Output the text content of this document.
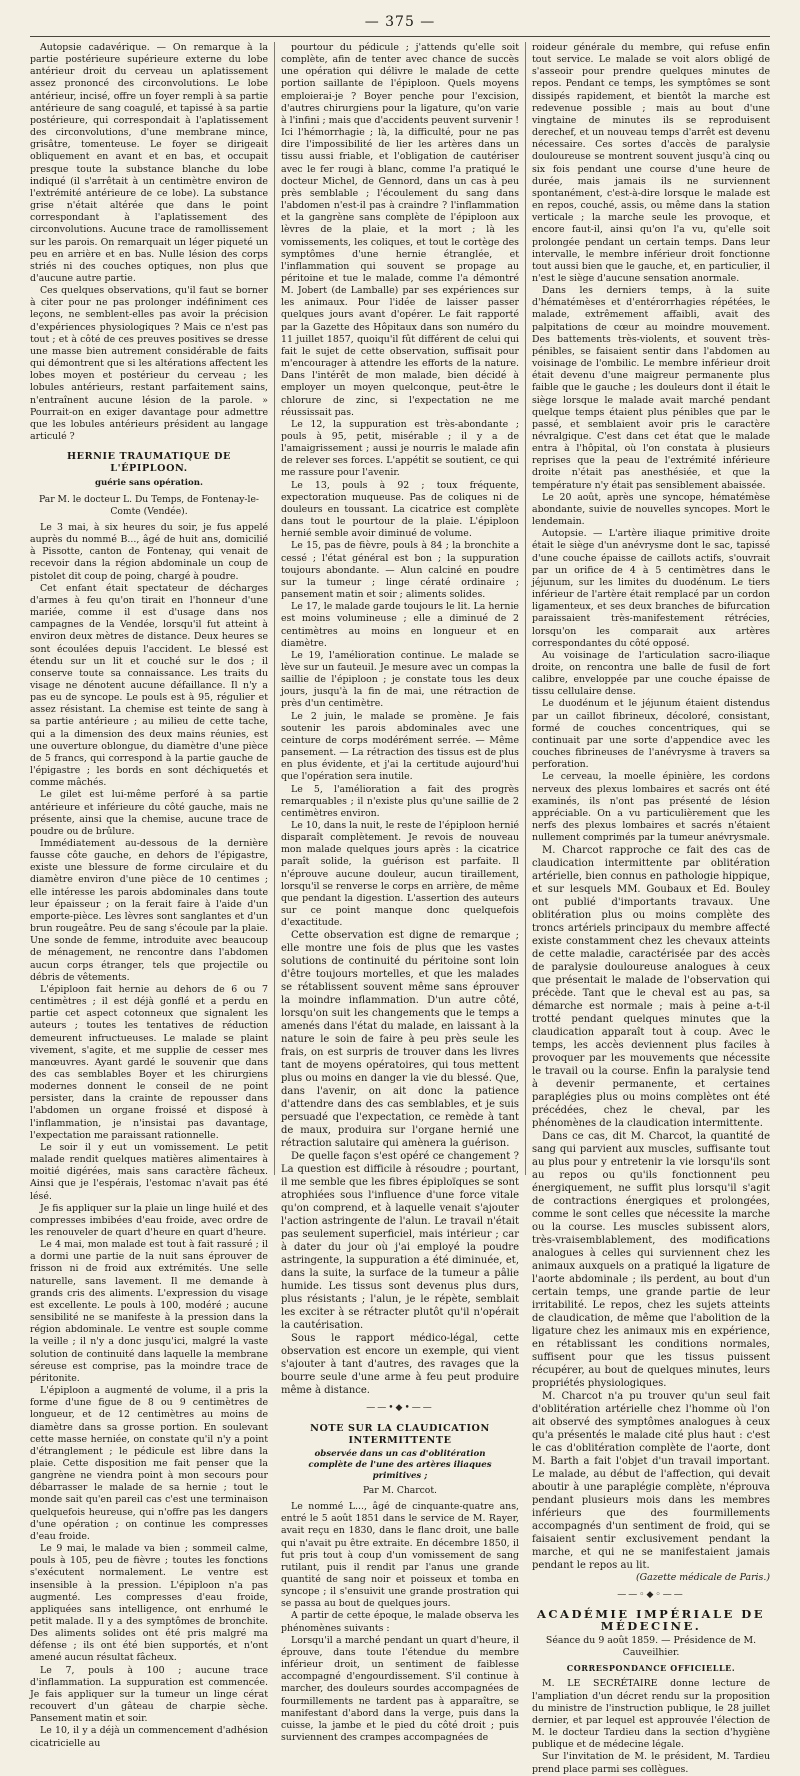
— 375 —

Autopsie cadavérique. — On remarque à la partie postérieure supérieure externe du lobe antérieur droit du cerveau un aplatissement assez prononcé des circonvolutions. Le lobe antérieur, incisé, offre un foyer rempli à sa partie antérieure de sang coagulé, et tapissé à sa partie postérieure, qui correspondait à l'aplatissement des circonvolutions, d'une membrane mince, grisâtre, tomenteuse. Le foyer se dirigeait obliquement en avant et en bas, et occupait presque toute la substance blanche du lobe indiqué (il s'arrêtait à un centimètre environ de l'extrémité antérieure de ce lobe). La substance grise n'était altérée que dans le point correspondant à l'aplatissement des circonvolutions. Aucune trace de ramollissement sur les parois. On remarquait un léger piqueté un peu en arrière et en bas. Nulle lésion des corps striés ni des couches optiques, non plus que d'aucune autre partie.

Ces quelques observations, qu'il faut se borner à citer pour ne pas prolonger indéfiniment ces leçons, ne semblent-elles pas avoir la précision d'expériences physiologiques ? Mais ce n'est pas tout ; et à côté de ces preuves positives se dresse une masse bien autrement considérable de faits qui démontrent que si les altérations affectent les lobes moyen et postérieur du cerveau ; les lobules antérieurs, restant parfaitement sains, n'entraînent aucune lésion de la parole. » Pourrait-on en exiger davantage pour admettre que les lobules antérieurs président au langage articulé ?

HERNIE TRAUMATIQUE DE L'ÉPIPLOON.
guérie sans opération.
Par M. le docteur L. Du Temps, de Fontenay-le-Comte (Vendée).

Le 3 mai, à six heures du soir, je fus appelé auprès du nommé B..., âgé de huit ans, domicilié à Pissotte, canton de Fontenay, qui venait de recevoir dans la région abdominale un coup de pistolet dit coup de poing, chargé à poudre.

Cet enfant était spectateur de décharges d'armes à feu qu'on tirait en l'honneur d'une mariée, comme il est d'usage dans nos campagnes de la Vendée, lorsqu'il fut atteint à environ deux mètres de distance. Deux heures se sont écoulées depuis l'accident. Le blessé est étendu sur un lit et couché sur le dos ; il conserve toute sa connaissance. Les traits du visage ne dénotent aucune défaillance. Il n'y a pas eu de syncope. Le pouls est à 95, régulier et assez résistant. La chemise est teinte de sang à sa partie antérieure ; au milieu de cette tache, qui a la dimension des deux mains réunies, est une ouverture oblongue, du diamètre d'une pièce de 5 francs, qui correspond à la partie gauche de l'épigastre ; les bords en sont déchiquetés et comme mâchés.

Le gilet est lui-même perforé à sa partie antérieure et inférieure du côté gauche, mais ne présente, ainsi que la chemise, aucune trace de poudre ou de brûlure.

Immédiatement au-dessous de la dernière fausse côte gauche, en dehors de l'épigastre, existe une blessure de forme circulaire et du diamètre environ d'une pièce de 10 centimes ; elle intéresse les parois abdominales dans toute leur épaisseur ; on la ferait faire à l'aide d'un emporte-pièce. Les lèvres sont sanglantes et d'un brun rougeâtre. Peu de sang s'écoule par la plaie. Une sonde de femme, introduite avec beaucoup de ménagement, ne rencontre dans l'abdomen aucun corps étranger, tels que projectile ou débris de vêtements.

L'épiploon fait hernie au dehors de 6 ou 7 centimètres ; il est déjà gonflé et a perdu en partie cet aspect cotonneux que signalent les auteurs ; toutes les tentatives de réduction demeurent infructueuses. Le malade se plaint vivement, s'agite, et me supplie de cesser mes manœuvres. Ayant gardé le souvenir que dans des cas semblables Boyer et les chirurgiens modernes donnent le conseil de ne point persister, dans la crainte de repousser dans l'abdomen un organe froissé et disposé à l'inflammation, je n'insistai pas davantage, l'expectation me paraissant rationnelle.

Le soir il y eut un vomissement. Le petit malade rendit quelques matières alimentaires à moitié digérées, mais sans caractère fâcheux. Ainsi que je l'espérais, l'estomac n'avait pas été lésé.

Je fis appliquer sur la plaie un linge huilé et des compresses imbibées d'eau froide, avec ordre de les renouveler de quart d'heure en quart d'heure.

Le 4 mai, mon malade est tout à fait rassuré ; il a dormi une partie de la nuit sans éprouver de frisson ni de froid aux extrémités. Une selle naturelle, sans lavement. Il me demande à grands cris des aliments. L'expression du visage est excellente. Le pouls à 100, modéré ; aucune sensibilité ne se manifeste à la pression dans la région abdominale. Le ventre est souple comme la veille ; il n'y a donc jusqu'ici, malgré la vaste solution de continuité dans laquelle la membrane séreuse est comprise, pas la moindre trace de péritonite.

L'épiploon a augmenté de volume, il a pris la forme d'une figue de 8 ou 9 centimètres de longueur, et de 12 centimètres au moins de diamètre dans sa grosse portion. En soulevant cette masse herniée, on constate qu'il n'y a point d'étranglement ; le pédicule est libre dans la plaie. Cette disposition me fait penser que la gangrène ne viendra point à mon secours pour débarrasser le malade de sa hernie ; tout le monde sait qu'en pareil cas c'est une terminaison quelquefois heureuse, qui n'offre pas les dangers d'une opération ; on continue les compresses d'eau froide.

Le 9 mai, le malade va bien ; sommeil calme, pouls à 105, peu de fièvre ; toutes les fonctions s'exécutent normalement. Le ventre est insensible à la pression. L'épiploon n'a pas augmenté. Les compresses d'eau froide, appliquées sans intelligence, ont enrhumé le petit malade. Il y a des symptômes de bronchite. Des aliments solides ont été pris malgré ma défense ; ils ont été bien supportés, et n'ont amené aucun résultat fâcheux.

Le 7, pouls à 100 ; aucune trace d'inflammation. La suppuration est commencée. Je fais appliquer sur la tumeur un linge cérat recouvert d'un gâteau de charpie sèche. Pansement matin et soir.

Le 10, il y a déjà un commencement d'adhésion cicatricielle au

pourtour du pédicule ; j'attends qu'elle soit complète, afin de tenter avec chance de succès une opération qui délivre le malade de cette portion saillante de l'épiploon. Quels moyens emploierai-je ? Boyer penche pour l'excision, d'autres chirurgiens pour la ligature, qu'on varie à l'infini ; mais que d'accidents peuvent survenir ! Ici l'hémorrhagie ; là, la difficulté, pour ne pas dire l'impossibilité de lier les artères dans un tissu aussi friable, et l'obligation de cautériser avec le fer rougi à blanc, comme l'a pratiqué le docteur Michel, de Gennord, dans un cas à peu près semblable ; l'écoulement du sang dans l'abdomen n'est-il pas à craindre ? l'inflammation et la gangrène sans complète de l'épiploon aux lèvres de la plaie, et la mort ; là les vomissements, les coliques, et tout le cortège des symptômes d'une hernie étranglée, et l'inflammation qui souvent se propage au péritoine et tue le malade, comme l'a démontré M. Jobert (de Lamballe) par ses expériences sur les animaux. Pour l'idée de laisser passer quelques jours avant d'opérer. Le fait rapporté par la Gazette des Hôpitaux dans son numéro du 11 juillet 1857, quoiqu'il fût différent de celui qui fait le sujet de cette observation, suffisait pour m'encourager à attendre les efforts de la nature. Dans l'intérêt de mon malade, bien décidé à employer un moyen quelconque, peut-être le chlorure de zinc, si l'expectation ne me réussissait pas.

Le 12, la suppuration est très-abondante ; pouls à 95, petit, misérable ; il y a de l'amaigrissement ; aussi je nourris le malade afin de relever ses forces. L'appétit se soutient, ce qui me rassure pour l'avenir.

Le 13, pouls à 92 ; toux fréquente, expectoration muqueuse. Pas de coliques ni de douleurs en toussant. La cicatrice est complète dans tout le pourtour de la plaie. L'épiploon hernié semble avoir diminué de volume.

Le 15, pas de fièvre, pouls à 84 ; la bronchite a cessé ; l'état général est bon ; la suppuration toujours abondante. — Alun calciné en poudre sur la tumeur ; linge cératé ordinaire ; pansement matin et soir ; aliments solides.

Le 17, le malade garde toujours le lit. La hernie est moins volumineuse ; elle a diminué de 2 centimètres au moins en longueur et en diamètre.

Le 19, l'amélioration continue. Le malade se lève sur un fauteuil. Je mesure avec un compas la saillie de l'épiploon ; je constate tous les deux jours, jusqu'à la fin de mai, une rétraction de près d'un centimètre.

Le 2 juin, le malade se promène. Je fais soutenir les parois abdominales avec une ceinture de corps modérément serrée. — Même pansement. — La rétraction des tissus est de plus en plus évidente, et j'ai la certitude aujourd'hui que l'opération sera inutile.

Le 5, l'amélioration a fait des progrès remarquables ; il n'existe plus qu'une saillie de 2 centimètres environ.

Le 10, dans la nuit, le reste de l'épiploon hernié disparaît complètement. Je revois de nouveau mon malade quelques jours après : la cicatrice paraît solide, la guérison est parfaite. Il n'éprouve aucune douleur, aucun tiraillement, lorsqu'il se renverse le corps en arrière, de même que pendant la digestion. L'assertion des auteurs sur ce point manque donc quelquefois d'exactitude.

Cette observation est digne de remarque ; elle montre une fois de plus que les vastes solutions de continuité du péritoine sont loin d'être toujours mortelles, et que les malades se rétablissent souvent même sans éprouver la moindre inflammation. D'un autre côté, lorsqu'on suit les changements que le temps a amenés dans l'état du malade, en laissant à la nature le soin de faire à peu près seule les frais, on est surpris de trouver dans les livres tant de moyens opératoires, qui tous mettent plus ou moins en danger la vie du blessé. Que, dans l'avenir, on ait donc la patience d'attendre dans des cas semblables, et je suis persuadé que l'expectation, ce remède à tant de maux, produira sur l'organe hernié une rétraction salutaire qui amènera la guérison.

De quelle façon s'est opéré ce changement ? La question est difficile à résoudre ; pourtant, il me semble que les fibres épiploïques se sont atrophiées sous l'influence d'une force vitale qu'on comprend, et à laquelle venait s'ajouter l'action astringente de l'alun. Le travail n'était pas seulement superficiel, mais intérieur ; car à dater du jour où j'ai employé la poudre astringente, la suppuration a été diminuée, et, dans la suite, la surface de la tumeur a pâlie humide. Les tissus sont devenus plus durs, plus résistants ; l'alun, je le répète, semblait les exciter à se rétracter plutôt qu'il n'opérait la cautérisation.

Sous le rapport médico-légal, cette observation est encore un exemple, qui vient s'ajouter à tant d'autres, des ravages que la bourre seule d'une arme à feu peut produire même à distance.

——•◆•——
NOTE SUR LA CLAUDICATION INTERMITTENTE
observée dans un cas d'oblitération complète de l'une des artères iliaques primitives ;
Par M. Charcot.

Le nommé L..., âgé de cinquante-quatre ans, entré le 5 août 1851 dans le service de M. Rayer, avait reçu en 1830, dans le flanc droit, une balle qui n'avait pu être extraite. En décembre 1850, il fut pris tout à coup d'un vomissement de sang rutilant, puis il rendit par l'anus une grande quantité de sang noir et poisseux et tomba en syncope ; il s'ensuivit une grande prostration qui se passa au bout de quelques jours.

A partir de cette époque, le malade observa les phénomènes suivants :

Lorsqu'il a marché pendant un quart d'heure, il éprouve, dans toute l'étendue du membre inférieur droit, un sentiment de faiblesse accompagné d'engourdissement. S'il continue à marcher, des douleurs sourdes accompagnées de fourmillements ne tardent pas à apparaître, se manifestant d'abord dans la verge, puis dans la cuisse, la jambe et le pied du côté droit ; puis surviennent des crampes accompagnées de

roideur générale du membre, qui refuse enfin tout service. Le malade se voit alors obligé de s'asseoir pour prendre quelques minutes de repos. Pendant ce temps, les symptômes se sont dissipés rapidement, et bientôt la marche est redevenue possible ; mais au bout d'une vingtaine de minutes ils se reproduisent derechef, et un nouveau temps d'arrêt est devenu nécessaire. Ces sortes d'accès de paralysie douloureuse se montrent souvent jusqu'à cinq ou six fois pendant une course d'une heure de durée, mais jamais ils ne surviennent spontanément, c'est-à-dire lorsque le malade est en repos, couché, assis, ou même dans la station verticale ; la marche seule les provoque, et encore faut-il, ainsi qu'on l'a vu, qu'elle soit prolongée pendant un certain temps. Dans leur intervalle, le membre inférieur droit fonctionne tout aussi bien que le gauche, et, en particulier, il n'est le siège d'aucune sensation anormale.

Dans les derniers temps, à la suite d'hématémèses et d'entérorrhagies répétées, le malade, extrêmement affaibli, avait des palpitations de cœur au moindre mouvement. Des battements très-violents, et souvent très-pénibles, se faisaient sentir dans l'abdomen au voisinage de l'ombilic. Le membre inférieur droit était devenu d'une maigreur permanente plus faible que le gauche ; les douleurs dont il était le siège lorsque le malade avait marché pendant quelque temps étaient plus pénibles que par le passé, et semblaient avoir pris le caractère névralgique. C'est dans cet état que le malade entra à l'hôpital, où l'on constata à plusieurs reprises que la peau de l'extrémité inférieure droite n'était pas anesthésiée, et que la température n'y était pas sensiblement abaissée.

Le 20 août, après une syncope, hématémèse abondante, suivie de nouvelles syncopes. Mort le lendemain.

Autopsie. — L'artère iliaque primitive droite était le siège d'un anévrysme dont le sac, tapissé d'une couche épaisse de caillots actifs, s'ouvrait par un orifice de 4 à 5 centimètres dans le jéjunum, sur les limites du duodénum. Le tiers inférieur de l'artère était remplacé par un cordon ligamenteux, et ses deux branches de bifurcation paraissaient très-manifestement rétrécies, lorsqu'on les comparait aux artères correspondantes du côté opposé.

Au voisinage de l'articulation sacro-iliaque droite, on rencontra une balle de fusil de fort calibre, enveloppée par une couche épaisse de tissu cellulaire dense.

Le duodénum et le jéjunum étaient distendus par un caillot fibrineux, décoloré, consistant, formé de couches concentriques, qui se continuait par une sorte d'appendice avec les couches fibrineuses de l'anévrysme à travers sa perforation.

Le cerveau, la moelle épinière, les cordons nerveux des plexus lombaires et sacrés ont été examinés, ils n'ont pas présenté de lésion appréciable. On a vu particulièrement que les nerfs des plexus lombaires et sacrés n'étaient nullement comprimés par la tumeur anévrysmale.

M. Charcot rapproche ce fait des cas de claudication intermittente par oblitération artérielle, bien connus en pathologie hippique, et sur lesquels MM. Goubaux et Ed. Bouley ont publié d'importants travaux. Une oblitération plus ou moins complète des troncs artériels principaux du membre affecté existe constamment chez les chevaux atteints de cette maladie, caractérisée par des accès de paralysie douloureuse analogues à ceux que présentait le malade de l'observation qui précède. Tant que le cheval est au pas, sa démarche est normale ; mais à peine a-t-il trotté pendant quelques minutes que la claudication apparaît tout à coup. Avec le temps, les accès deviennent plus faciles à provoquer par les mouvements que nécessite le travail ou la course. Enfin la paralysie tend à devenir permanente, et certaines paraplégies plus ou moins complètes ont été précédées, chez le cheval, par les phénomènes de la claudication intermittente.

Dans ce cas, dit M. Charcot, la quantité de sang qui parvient aux muscles, suffisante tout au plus pour y entretenir la vie lorsqu'ils sont au repos ou qu'ils fonctionnent peu énergiquement, ne suffit plus lorsqu'il s'agit de contractions énergiques et prolongées, comme le sont celles que nécessite la marche ou la course. Les muscles subissent alors, très-vraisemblablement, des modifications analogues à celles qui surviennent chez les animaux auxquels on a pratiqué la ligature de l'aorte abdominale ; ils perdent, au bout d'un certain temps, une grande partie de leur irritabilité. Le repos, chez les sujets atteints de claudication, de même que l'abolition de la ligature chez les animaux mis en expérience, en rétablissant les conditions normales, suffisent pour que les tissus puissent récupérer, au bout de quelques minutes, leurs propriétés physiologiques.

M. Charcot n'a pu trouver qu'un seul fait d'oblitération artérielle chez l'homme où l'on ait observé des symptômes analogues à ceux qu'a présentés le malade cité plus haut : c'est le cas d'oblitération complète de l'aorte, dont M. Barth a fait l'objet d'un travail important. Le malade, au début de l'affection, qui devait aboutir à une paraplégie complète, n'éprouva pendant plusieurs mois dans les membres inférieurs que des fourmillements accompagnés d'un sentiment de froid, qui se faisaient sentir exclusivement pendant la marche, et qui ne se manifestaient jamais pendant le repos au lit.

(Gazette médicale de Paris.)
——◦◆◦——
ACADÉMIE IMPÉRIALE DE MÉDECINE.
Séance du 9 août 1859. — Présidence de M. Cauveilhier.
CORRESPONDANCE OFFICIELLE.

M. LE SECRÉTAIRE donne lecture de l'ampliation d'un décret rendu sur la proposition du ministre de l'instruction publique, le 28 juillet dernier, et par lequel est approuvée l'élection de M. le docteur Tardieu dans la section d'hygiène publique et de médecine légale.

Sur l'invitation de M. le président, M. Tardieu prend place parmi ses collègues.
